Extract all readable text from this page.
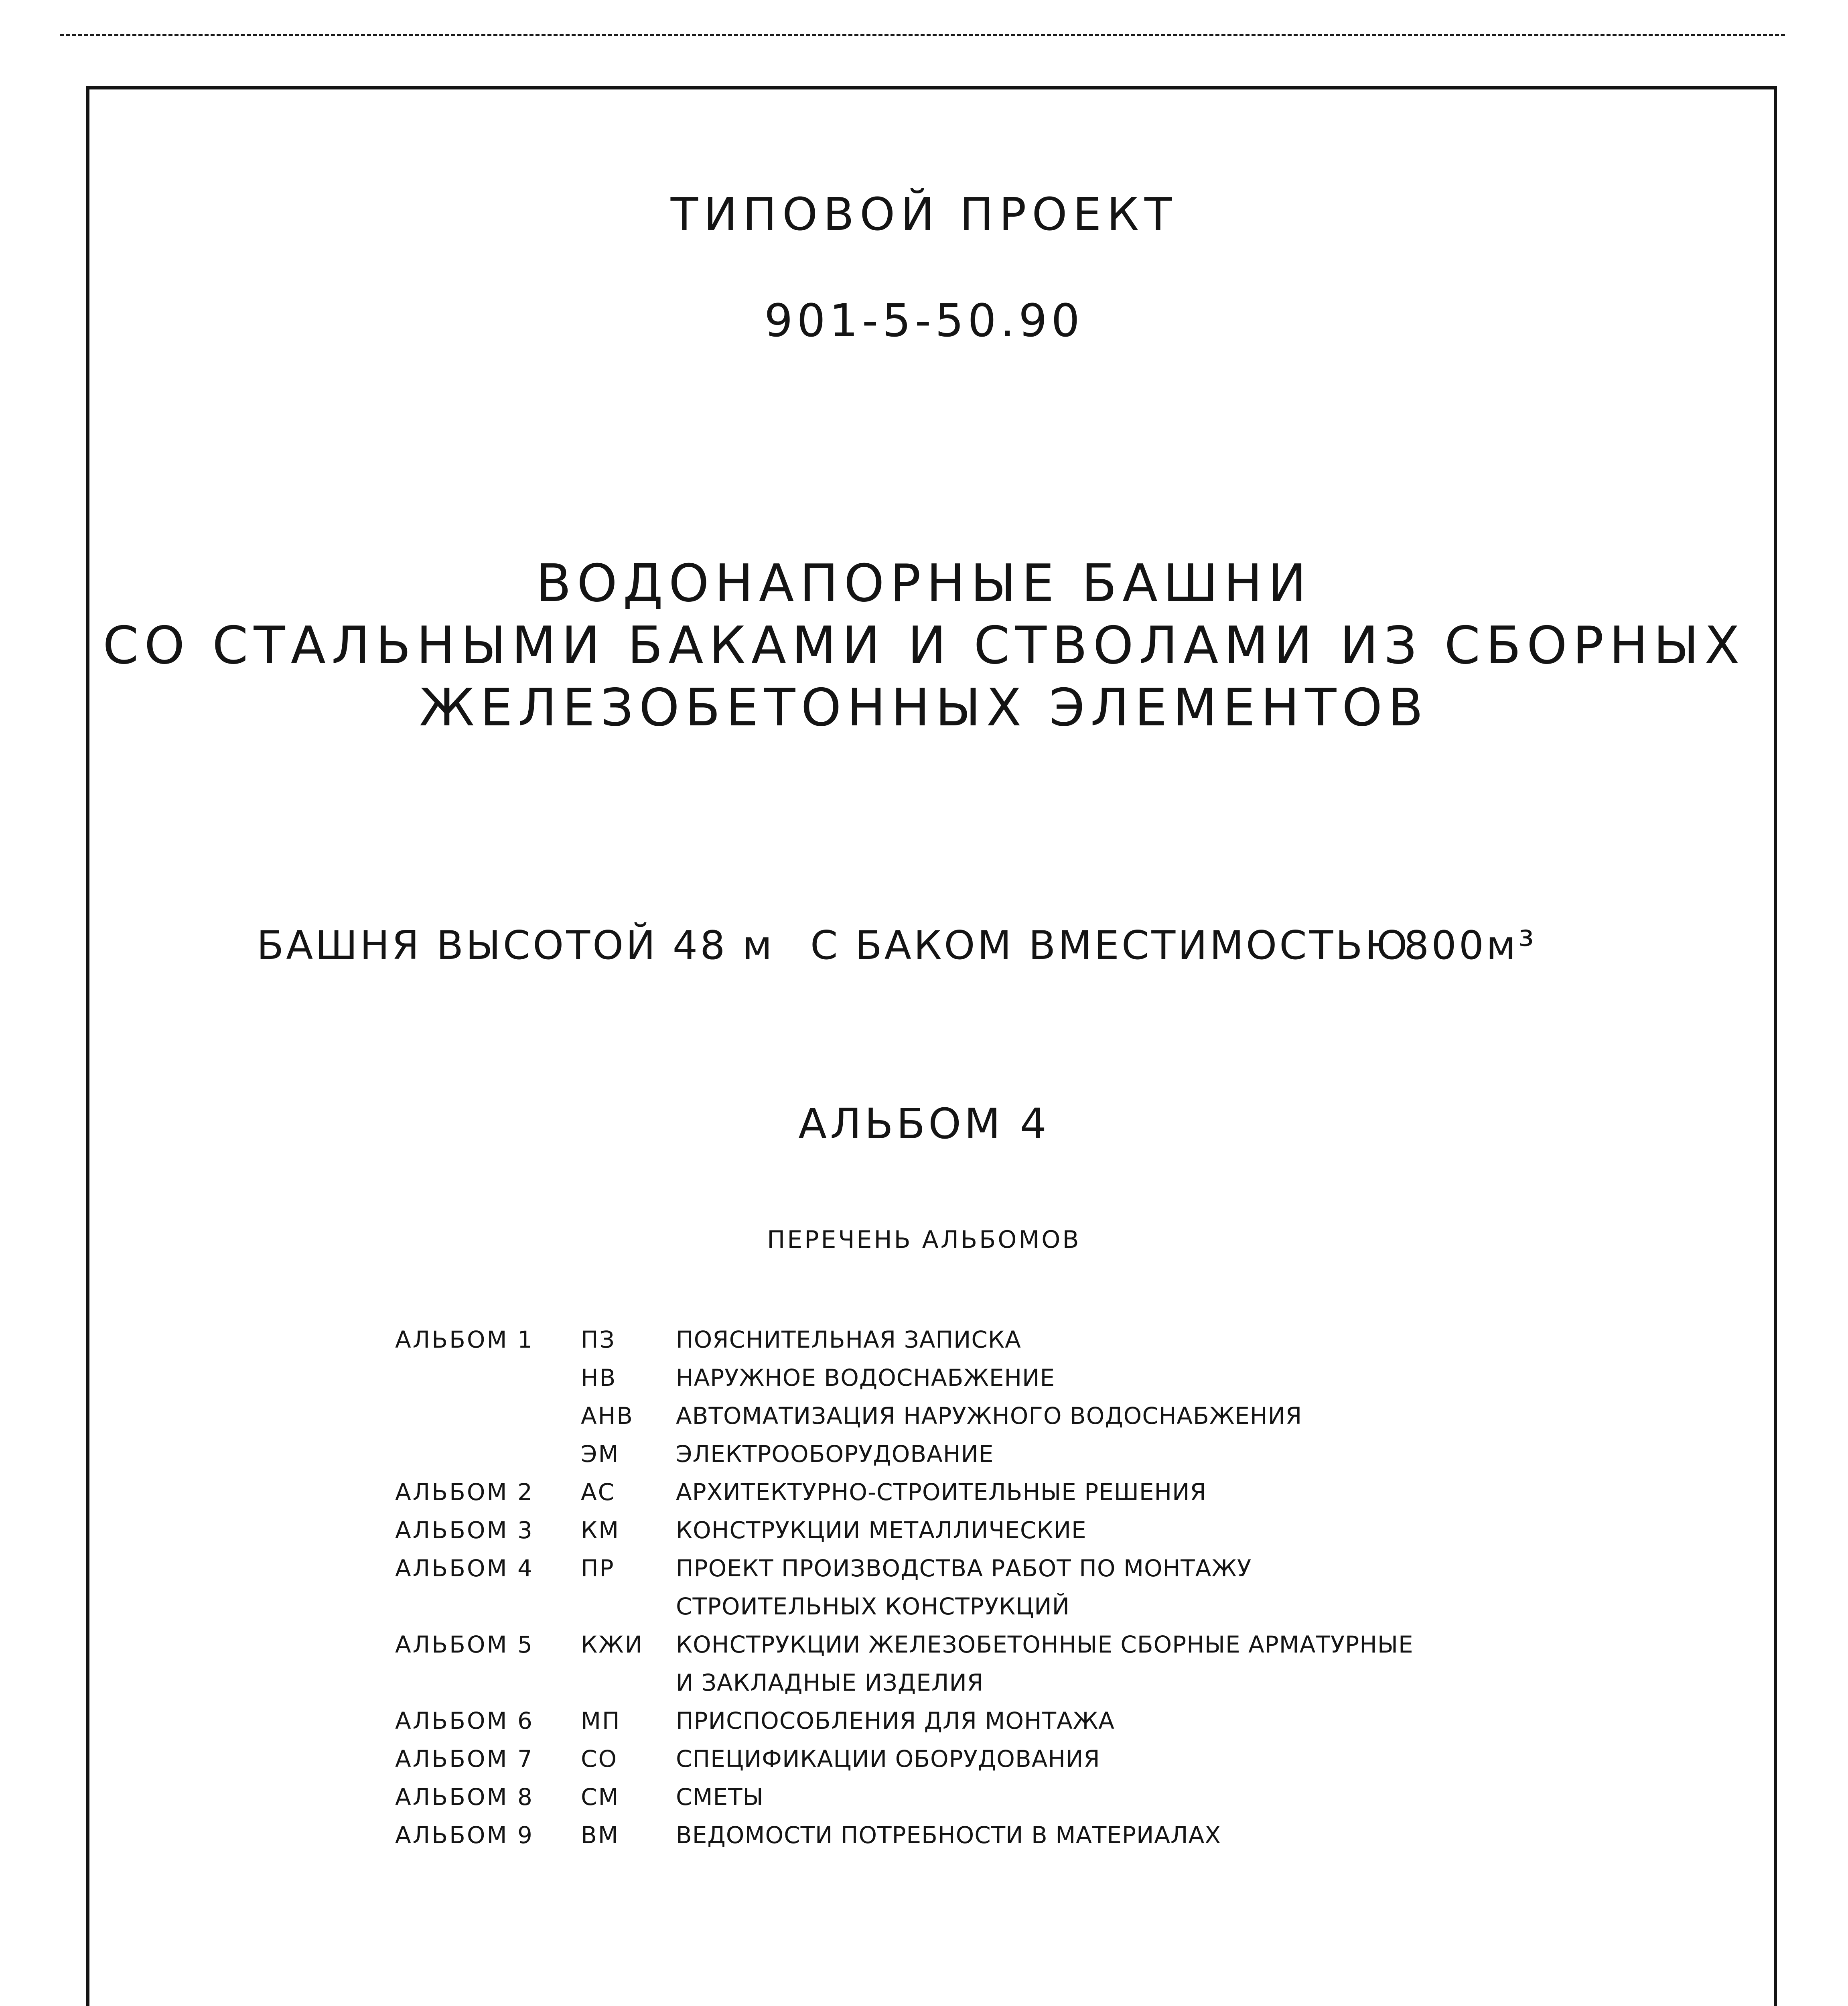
ТИПОВОЙ ПРОЕКТ
901-5-50.90
ВОДОНАПОРНЫЕ БАШНИ
СО СТАЛЬНЫМИ БАКАМИ И СТВОЛАМИ ИЗ СБОРНЫХ
ЖЕЛЕЗОБЕТОННЫХ ЭЛЕМЕНТОВ
БАШНЯ ВЫСОТОЙ 48 м С БАКОМ ВМЕСТИМОСТЬЮ
800м³
АЛЬБОМ 4
ПЕРЕЧЕНЬ АЛЬБОМОВ
АЛЬБОМ 1 ПЗ	ПОЯСНИТЕЛЬНАЯ ЗАПИСКА
НВ	НАРУЖНОЕ ВОДОСНАБЖЕНИЕ
АНВ АВТОМАТИЗАЦИЯ НАРУЖНОГО ВОДОСНАБЖЕНИЯ
ЭМ ЭЛЕКТРООБОРУДОВАНИЕ
АЛЬБОМ 2 АС	АРХИТЕКТУРНО-СТРОИТЕЛЬНЫЕ РЕШЕНИЯ
АЛЬБОМ 3 КМ КОНСТРУКЦИИ МЕТАЛЛИЧЕСКИЕ
АЛЬБОМ 4 ПР	ПРОЕКТ ПРОИЗВОДСТВА РАБОТ ПО МОНТАЖУ
СТРОИТЕЛЬНЫХ КОНСТРУКЦИЙ
АЛЬБОМ 5 КЖИ КОНСТРУКЦИИ ЖЕЛЕЗОБЕТОННЫЕ СБОРНЫЕ АРМАТУРНЫЕ
И ЗАКЛАДНЫЕ ИЗДЕЛИЯ
АЛЬБОМ 6 МП ПРИСПОСОБЛЕНИЯ ДЛЯ МОНТАЖА
АЛЬБОМ 7 СО СПЕЦИФИКАЦИИ ОБОРУДОВАНИЯ
АЛЬБОМ 8 СМ СМЕТЫ
АЛЬБОМ 9 ВМ ВЕДОМОСТИ ПОТРЕБНОСТИ В МАТЕРИАЛАХ
